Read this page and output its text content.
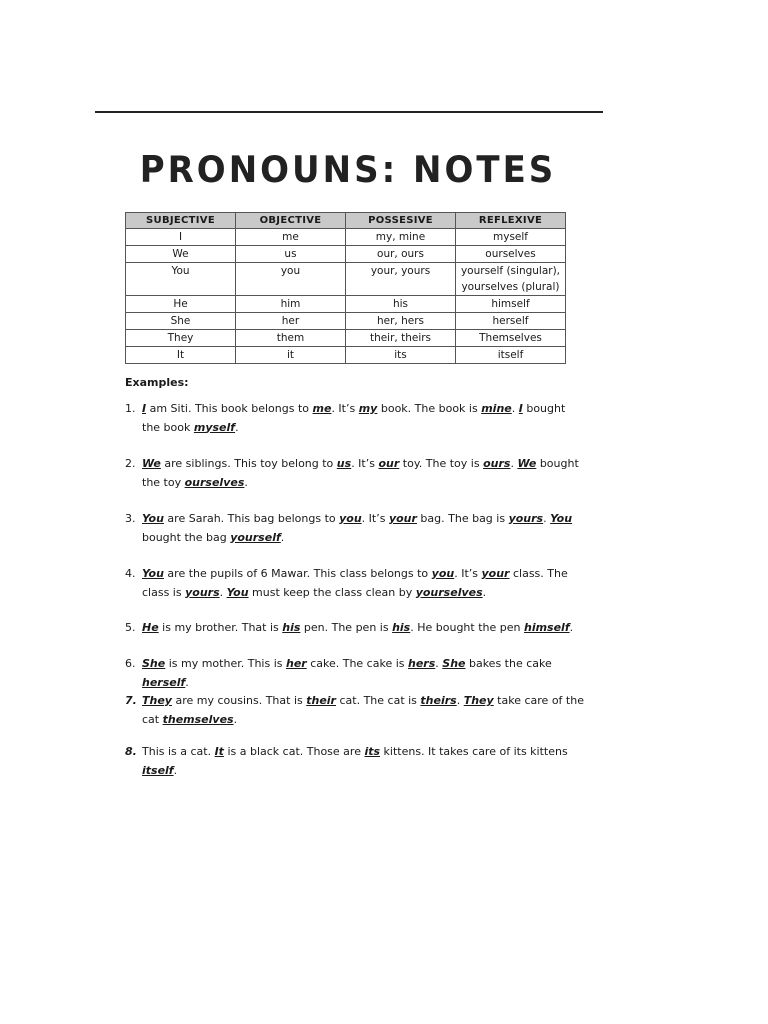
PRONOUNS: NOTES
SUBJECTIVE	OBJECTIVE	POSSESIVE	REFLEXIVE
I	me	my, mine	myself
We	us	our, ours	ourselves
You	you	your, yours	yourself (singular),
yourselves (plural)

He	him	his	himself
She	her	her, hers	herself
They	them	their, theirs	Themselves
It	it	its	itself
Examples:
1. I am Siti. This book belongs to me. It’s my book. The book is mine. I bought the book myself.
2. We are siblings. This toy belong to us. It’s our toy. The toy is ours. We bought the toy ourselves.
3. You are Sarah. This bag belongs to you. It’s your bag. The bag is yours. You bought the bag yourself.
4. You are the pupils of 6 Mawar. This class belongs to you. It’s your class. The class is yours. You must keep the class clean by yourselves.
5. He is my brother. That is his pen. The pen is his. He bought the pen himself.
6. She is my mother. This is her cake. The cake is hers. She bakes the cake herself.
7. They are my cousins. That is their cat. The cat is theirs. They take care of the cat themselves.
8. This is a cat. It is a black cat. Those are its kittens. It takes care of its kittens itself.
